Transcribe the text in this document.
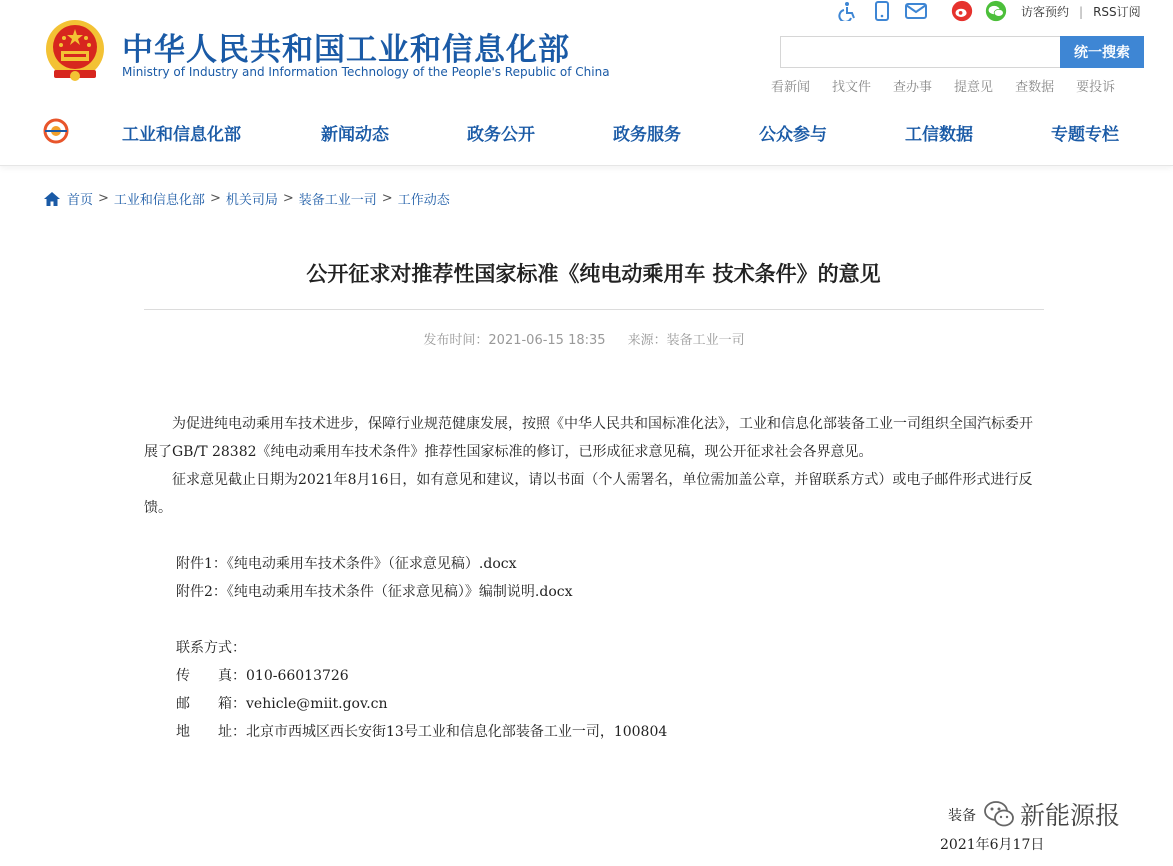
中华人民共和国工业和信息化部
Ministry of Industry and Information Technology of the People's Republic of China
访客预约 | RSS订阅
统一搜索
看新闻 找文件 查办事 提意见 查数据 要投诉
工业和信息化部	新闻动态	政务公开	政务服务	公众参与	工信数据	专题专栏
首页 > 工业和信息化部 > 机关司局 > 装备工业一司 > 工作动态
公开征求对推荐性国家标准《纯电动乘用车 技术条件》的意见
发布时间：2021-06-15 18:35 来源：装备工业一司

为促进纯电动乘用车技术进步，保障行业规范健康发展，按照《中华人民共和国标准化法》，工业和信息化部装备工业一司组织全国汽标委开展了GB/T 28382《纯电动乘用车技术条件》推荐性国家标准的修订，已形成征求意见稿，现公开征求社会各界意见。

征求意见截止日期为2021年8月16日，如有意见和建议，请以书面（个人需署名，单位需加盖公章，并留联系方式）或电子邮件形式进行反馈。

附件1：《纯电动乘用车技术条件》（征求意见稿）.docx
附件2：《纯电动乘用车技术条件（征求意见稿）》编制说明.docx
联系方式：
传　　真：010-66013726
邮　　箱：vehicle@miit.gov.cn
地　　址：北京市西城区西长安街13号工业和信息化部装备工业一司，100804
装备
2021年6月17日
新能源报
